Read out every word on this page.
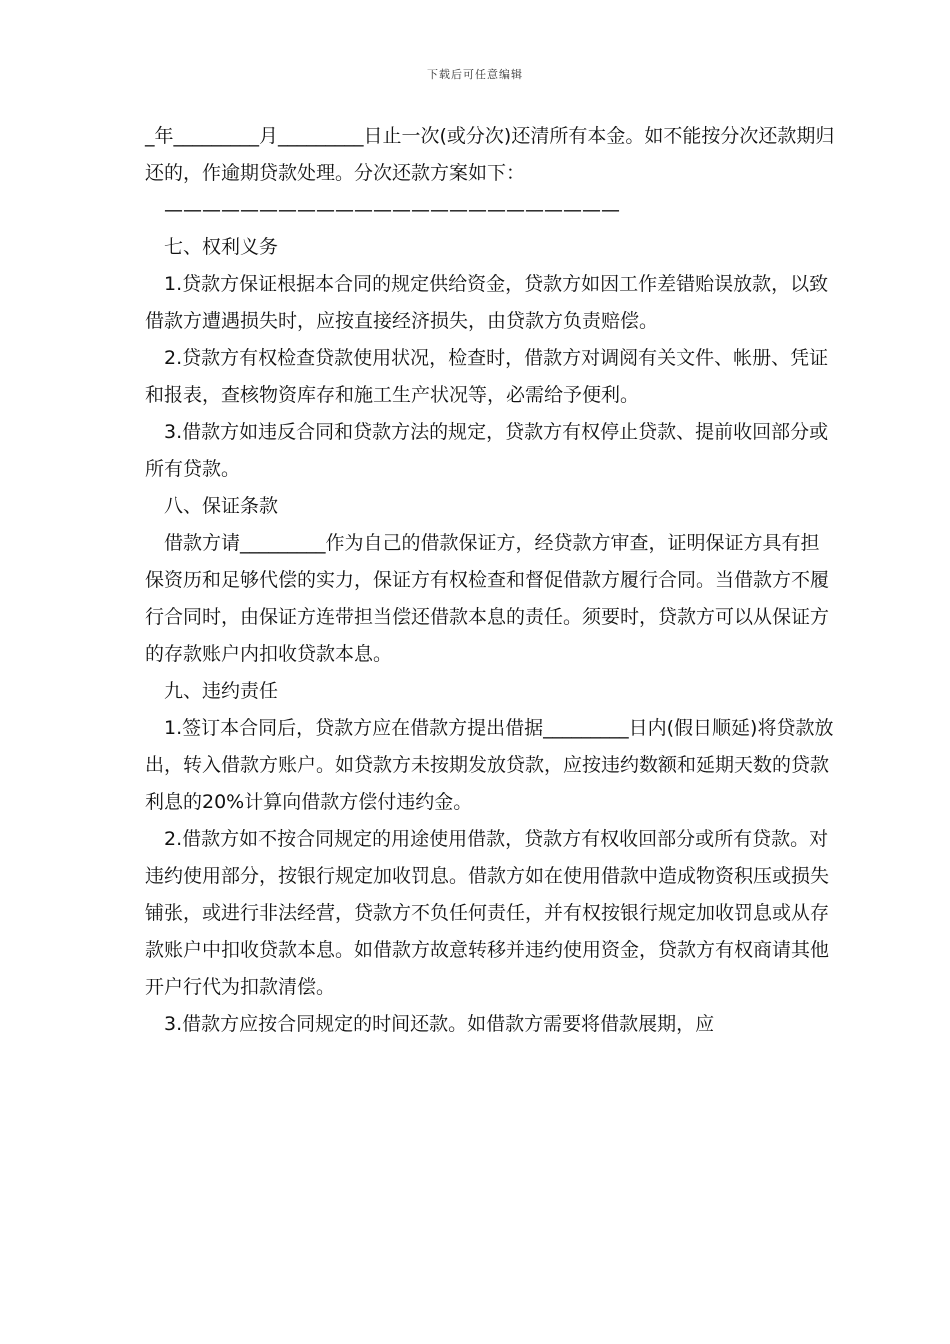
下载后可任意编辑

_年_________月_________日止一次(或分次)还清所有本金。如不能按分次还款期归还的，作逾期贷款处理。分次还款方案如下：

————————————————————————

七、权利义务

1.贷款方保证根据本合同的规定供给资金，贷款方如因工作差错贻误放款，以致借款方遭遇损失时，应按直接经济损失，由贷款方负责赔偿。

2.贷款方有权检查贷款使用状况，检查时，借款方对调阅有关文件、帐册、凭证和报表，查核物资库存和施工生产状况等，必需给予便利。

3.借款方如违反合同和贷款方法的规定，贷款方有权停止贷款、提前收回部分或所有贷款。

八、保证条款

借款方请_________作为自己的借款保证方，经贷款方审查，证明保证方具有担保资历和足够代偿的实力，保证方有权检查和督促借款方履行合同。当借款方不履行合同时，由保证方连带担当偿还借款本息的责任。须要时，贷款方可以从保证方的存款账户内扣收贷款本息。

九、违约责任

1.签订本合同后，贷款方应在借款方提出借据_________日内(假日顺延)将贷款放出，转入借款方账户。如贷款方未按期发放贷款，应按违约数额和延期天数的贷款利息的20%计算向借款方偿付违约金。

2.借款方如不按合同规定的用途使用借款，贷款方有权收回部分或所有贷款。对违约使用部分，按银行规定加收罚息。借款方如在使用借款中造成物资积压或损失铺张，或进行非法经营，贷款方不负任何责任，并有权按银行规定加收罚息或从存款账户中扣收贷款本息。如借款方故意转移并违约使用资金，贷款方有权商请其他开户行代为扣款清偿。

3.借款方应按合同规定的时间还款。如借款方需要将借款展期，应
